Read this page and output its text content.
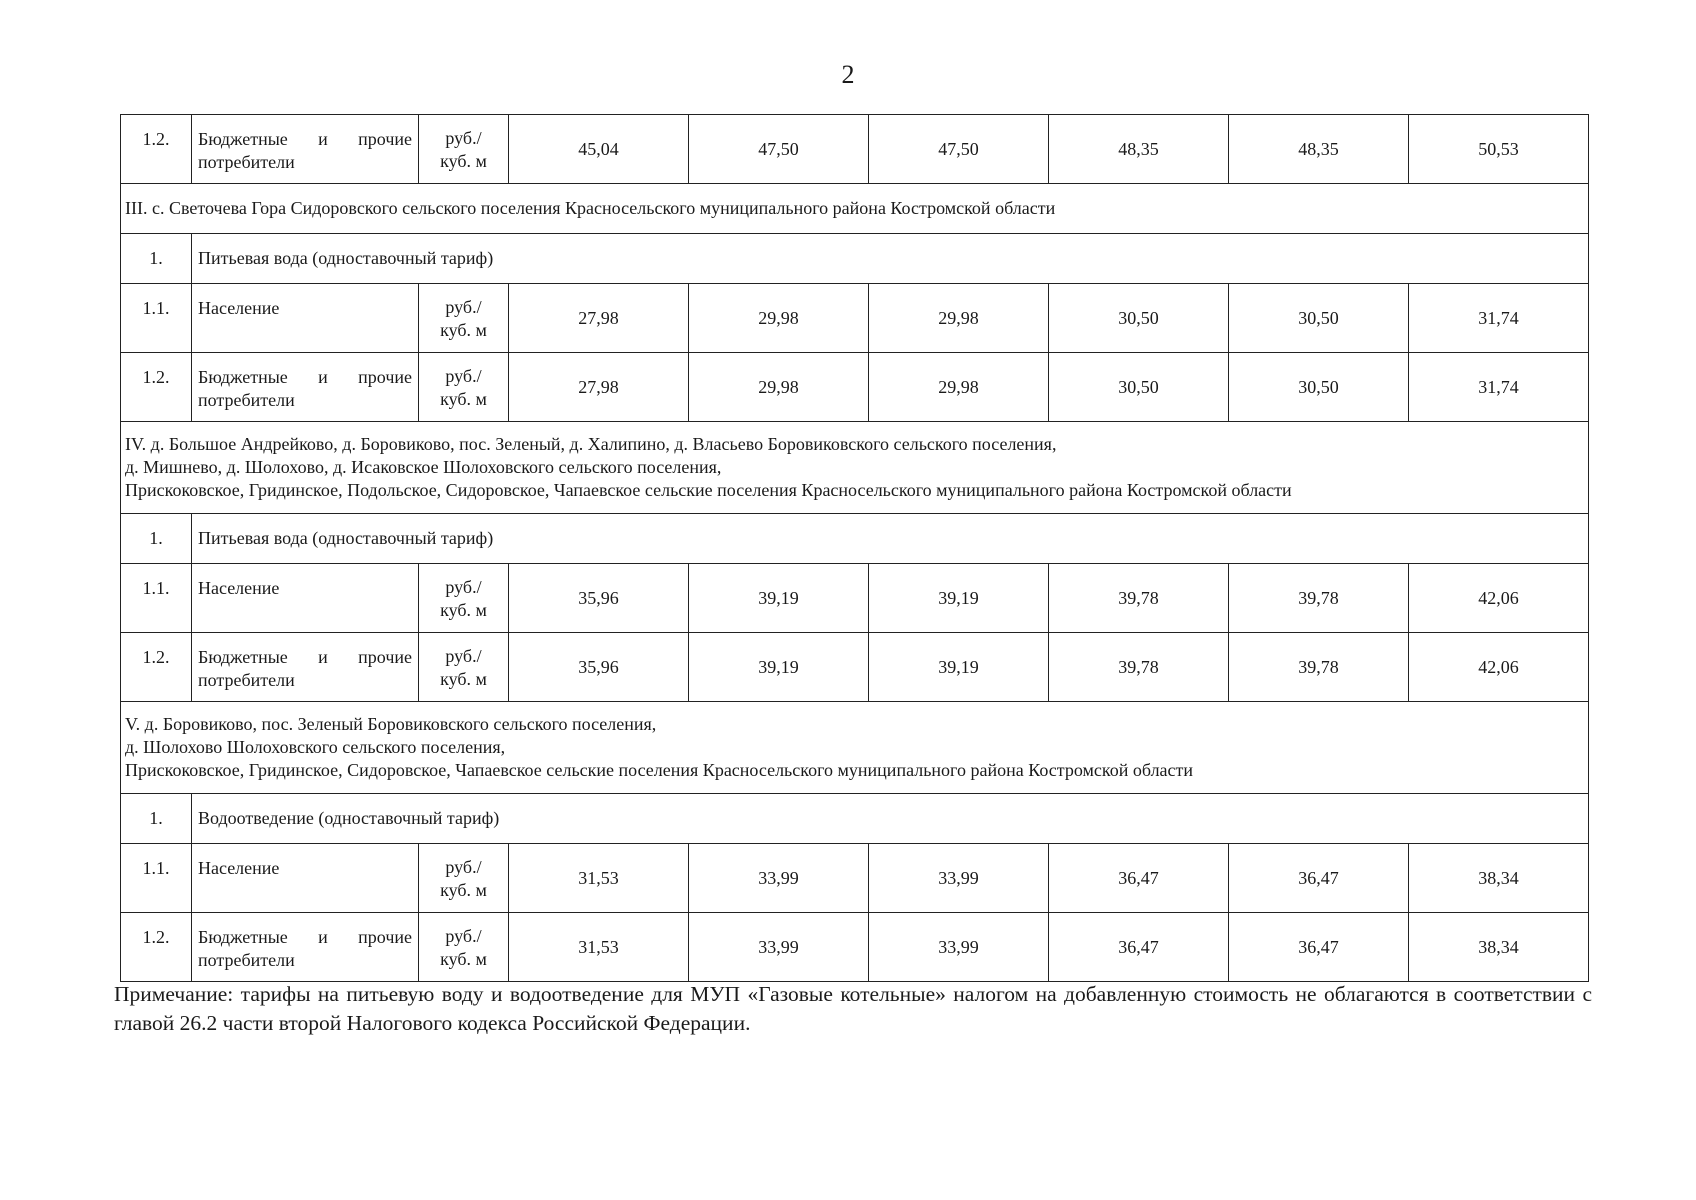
2
1.2.	Бюджетные и прочие потребители	руб./
куб. м	45,04	47,50	47,50	48,35	48,35	50,53

III. с. Светочева Гора Сидоровского сельского поселения Красносельского муниципального района Костромской области								

1.	Питьевая вода (одноставочный тариф)							
1.1.	Население	руб./
куб. м	27,98	29,98	29,98	30,50	30,50	31,74
1.2.	Бюджетные и прочие потребители	руб./
куб. м	27,98	29,98	29,98	30,50	30,50	31,74

IV. д. Большое Андрейково, д. Боровиково, пос. Зеленый, д. Халипино, д. Власьево Боровиковского сельского поселения,
д. Мишнево, д. Шолохово, д. Исаковское Шолоховского сельского поселения,
Прискоковское, Гридинское, Подольское, Сидоровское, Чапаевское сельские поселения Красносельского муниципального района Костромской области								

1.	Питьевая вода (одноставочный тариф)							
1.1.	Население	руб./
куб. м	35,96	39,19	39,19	39,78	39,78	42,06
1.2.	Бюджетные и прочие потребители	руб./
куб. м	35,96	39,19	39,19	39,78	39,78	42,06

V. д. Боровиково, пос. Зеленый Боровиковского сельского поселения,
д. Шолохово Шолоховского сельского поселения,
Прискоковское, Гридинское, Сидоровское, Чапаевское сельские поселения Красносельского муниципального района Костромской области								

1.	Водоотведение (одноставочный тариф)							
1.1.	Население	руб./
куб. м	31,53	33,99	33,99	36,47	36,47	38,34
1.2.	Бюджетные и прочие потребители	руб./
куб. м	31,53	33,99	33,99	36,47	36,47	38,34
Примечание: тарифы на питьевую воду и водоотведение для МУП «Газовые котельные» налогом на добавленную стоимость не облагаются в соответствии с главой 26.2 части второй Налогового кодекса Российской Федерации.
